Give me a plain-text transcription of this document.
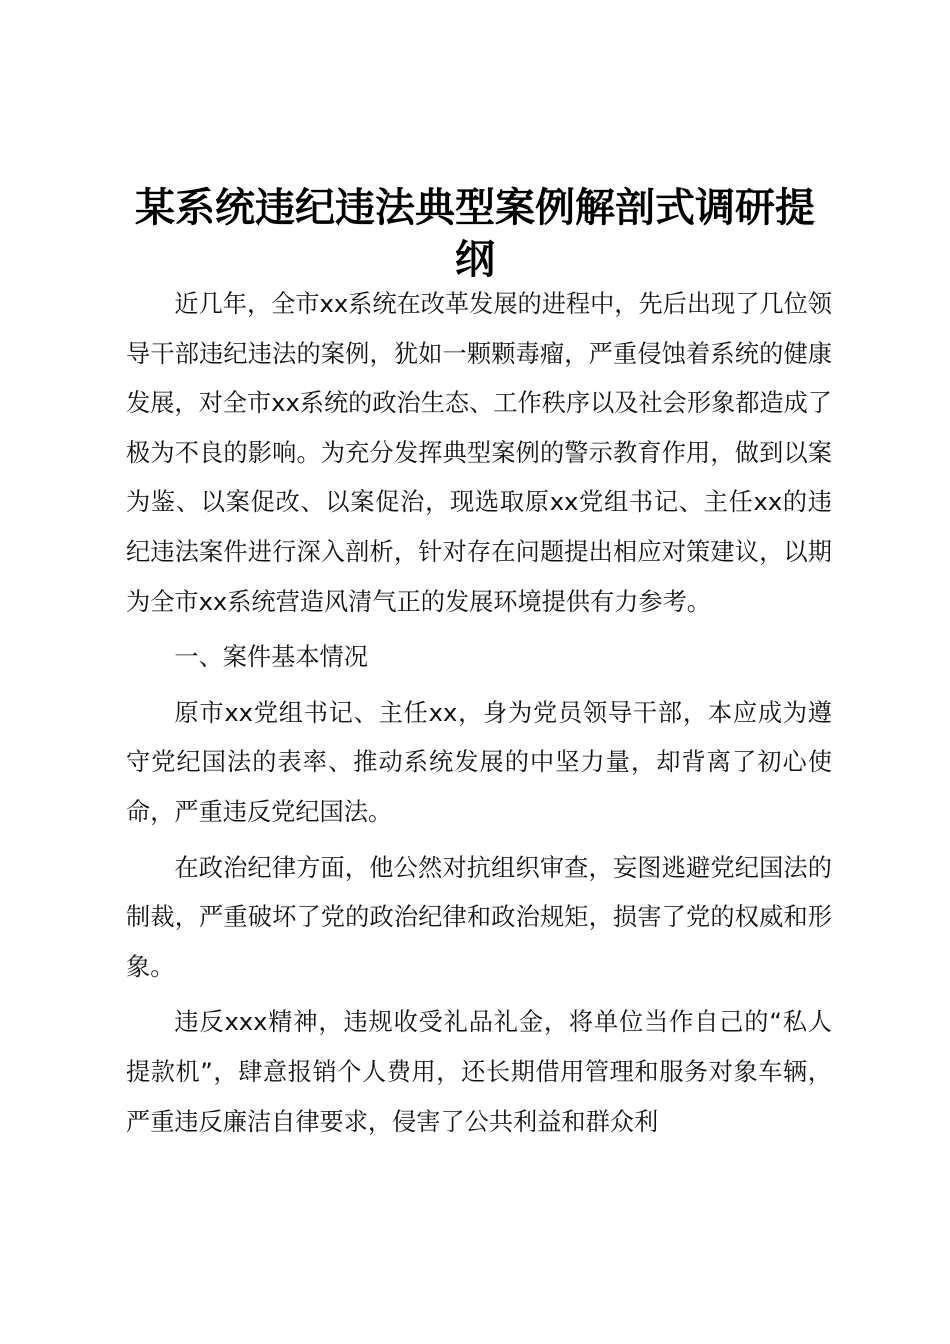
某系统违纪违法典型案例解剖式调研提纲

近几年，全市xx系统在改革发展的进程中，先后出现了几位领导干部违纪违法的案例，犹如一颗颗毒瘤，严重侵蚀着系统的健康发展，对全市xx系统的政治生态、工作秩序以及社会形象都造成了极为不良的影响。为充分发挥典型案例的警示教育作用，做到以案为鉴、以案促改、以案促治，现选取原xx党组书记、主任xx的违纪违法案件进行深入剖析，针对存在问题提出相应对策建议，以期为全市xx系统营造风清气正的发展环境提供有力参考。

一、案件基本情况

原市xx党组书记、主任xx，身为党员领导干部，本应成为遵守党纪国法的表率、推动系统发展的中坚力量，却背离了初心使命，严重违反党纪国法。

在政治纪律方面，他公然对抗组织审查，妄图逃避党纪国法的制裁，严重破坏了党的政治纪律和政治规矩，损害了党的权威和形象。

违反xxx精神，违规收受礼品礼金，将单位当作自己的“私人提款机”，肆意报销个人费用，还长期借用管理和服务对象车辆，严重违反廉洁自律要求，侵害了公共利益和群众利
